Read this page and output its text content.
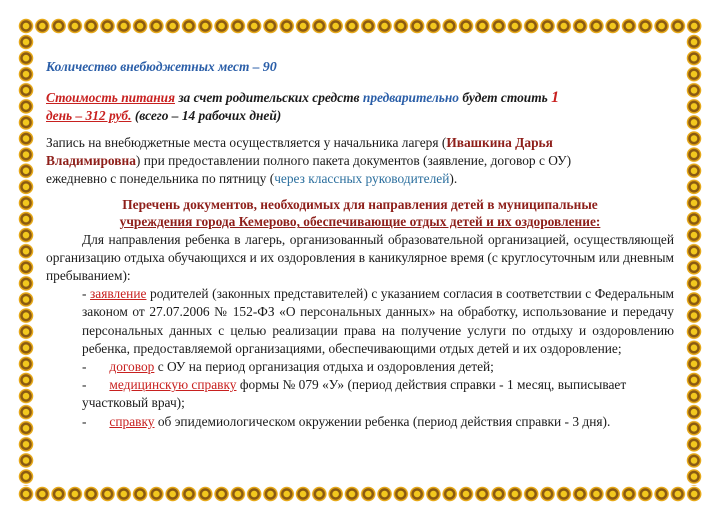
Количество внебюджетных мест – 90

Стоимость питания за счет родительских средств предварительно будет стоить 1
день – 312 руб. (всего – 14 рабочих дней)

Запись на внебюджетные места осуществляется у начальника лагеря (Ивашкина Дарья
Владимировна) при предоставлении полного пакета документов (заявление, договор с ОУ)
ежедневно с понедельника по пятницу (через классных руководителей).

Перечень документов, необходимых для направления детей в муниципальные
учреждения города Кемерово, обеспечивающие отдых детей и их оздоровление:

Для направления ребенка в лагерь, организованный образовательной организацией, осуществляющей организацию отдыха обучающихся и их оздоровления в каникулярное время (с круглосуточным или дневным пребыванием):

- заявление родителей (законных представителей) с указанием согласия в соответствии с Федеральным законом от 27.07.2006 № 152-ФЗ «О персональных данных» на обработку, использование и передачу персональных данных с целью реализации права на получение услуги по отдыху и оздоровлению ребенка, предоставляемой организациями, обеспечивающими отдых детей и их оздоровление;

- договор с ОУ на период организация отдыха и оздоровления детей;

- медицинскую справку формы № 079 «У» (период действия справки - 1 месяц, выписывает участковый врач);

- справку об эпидемиологическом окружении ребенка (период действия справки - 3 дня).
